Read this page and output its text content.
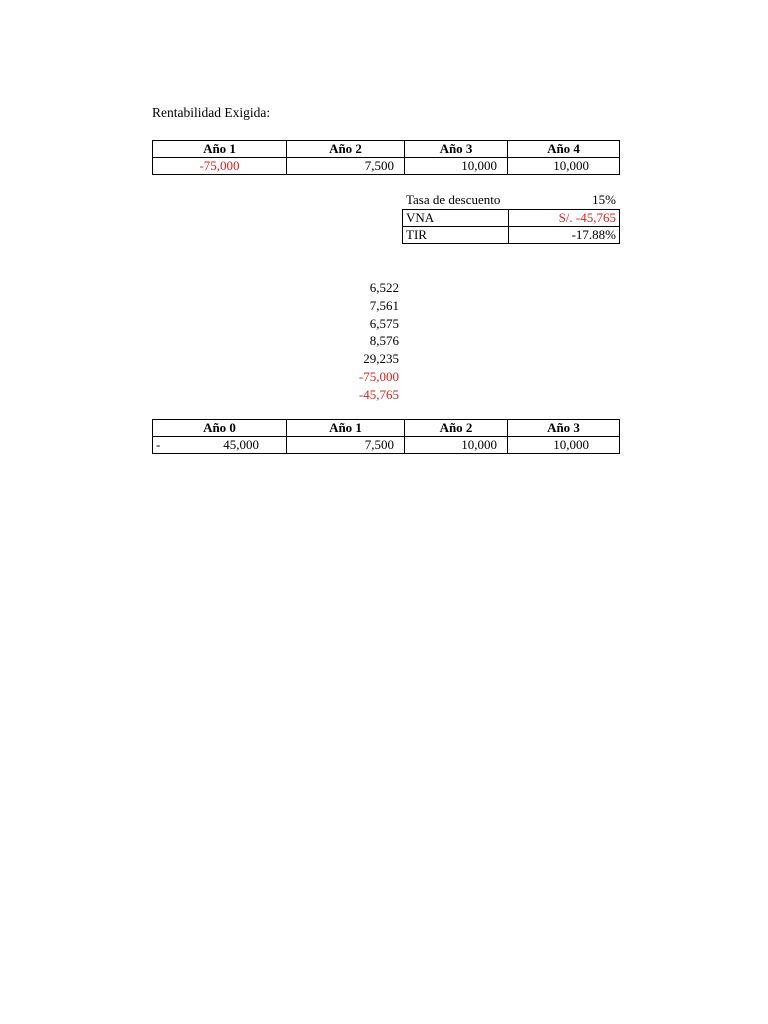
Rentabilidad Exigida:
Año 1	Año 2	Año 3	Año 4
-75,000	7,500	10,000	10,000
Tasa de descuento	15%
VNA	S/. -45,765
TIR	-17.88%
6,522
7,561
6,575
8,576
29,235
-75,000
-45,765
Año 0	Año 1	Año 2	Año 3

- 45,000	7,500	10,000	10,000
